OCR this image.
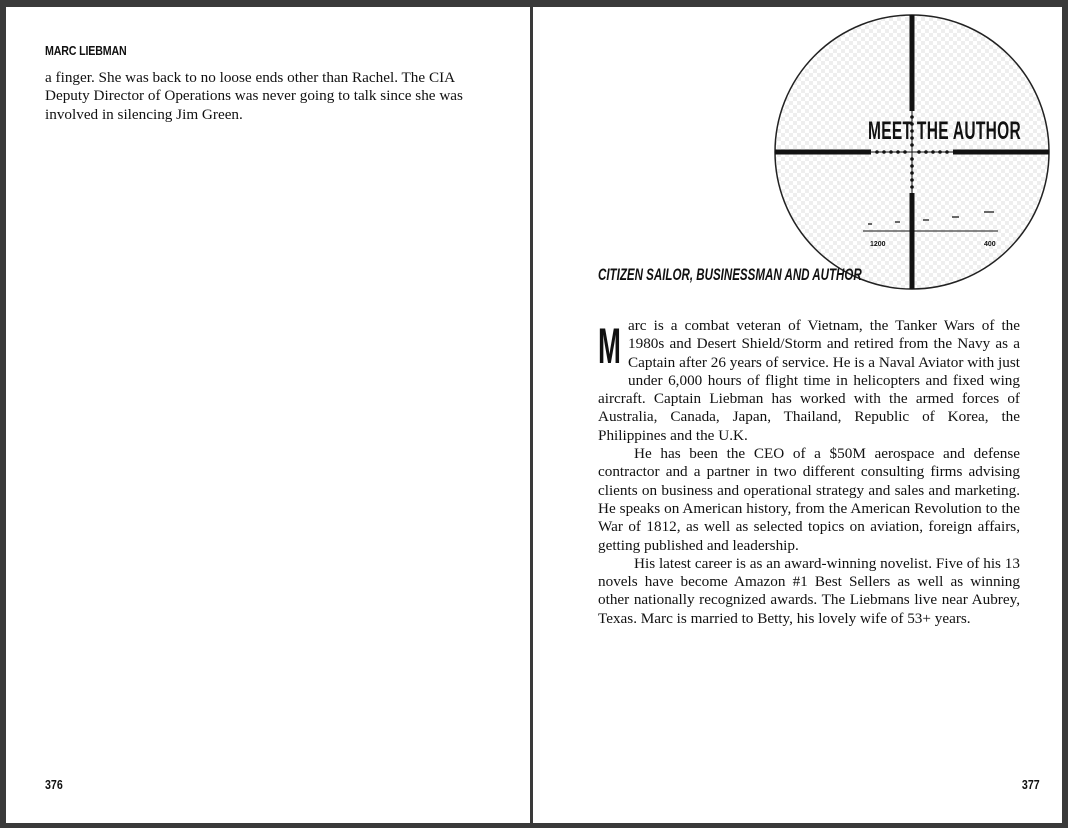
MARC LIEBMAN

a finger. She was back to no loose ends other than Rachel. The CIA Deputy Director of Operations was never going to talk since she was involved in silencing Jim Green.

376
1200	400
MEET THE AUTHOR
CITIZEN SAILOR, BUSINESSMAN AND AUTHOR

M arc is a combat veteran of Vietnam, the Tanker Wars of the 1980s and Desert Shield/Storm and retired from the Navy as a Captain after 26 years of service. He is a Naval Aviator with just under 6,000 hours of flight time in helicopters and fixed wing aircraft. Captain Liebman has worked with the armed forces of Australia, Canada, Japan, Thailand, Republic of Korea, the Philippines and the U.K.

He has been the CEO of a $50M aerospace and defense contractor and a partner in two different consulting firms advising clients on business and operational strategy and sales and marketing. He speaks on American history, from the American Revolution to the War of 1812, as well as selected topics on aviation, foreign affairs, getting published and leadership.

His latest career is as an award-winning novelist. Five of his 13 novels have become Amazon #1 Best Sellers as well as winning other nationally recognized awards. The Liebmans live near Aubrey, Texas. Marc is married to Betty, his lovely wife of 53+ years.

377
